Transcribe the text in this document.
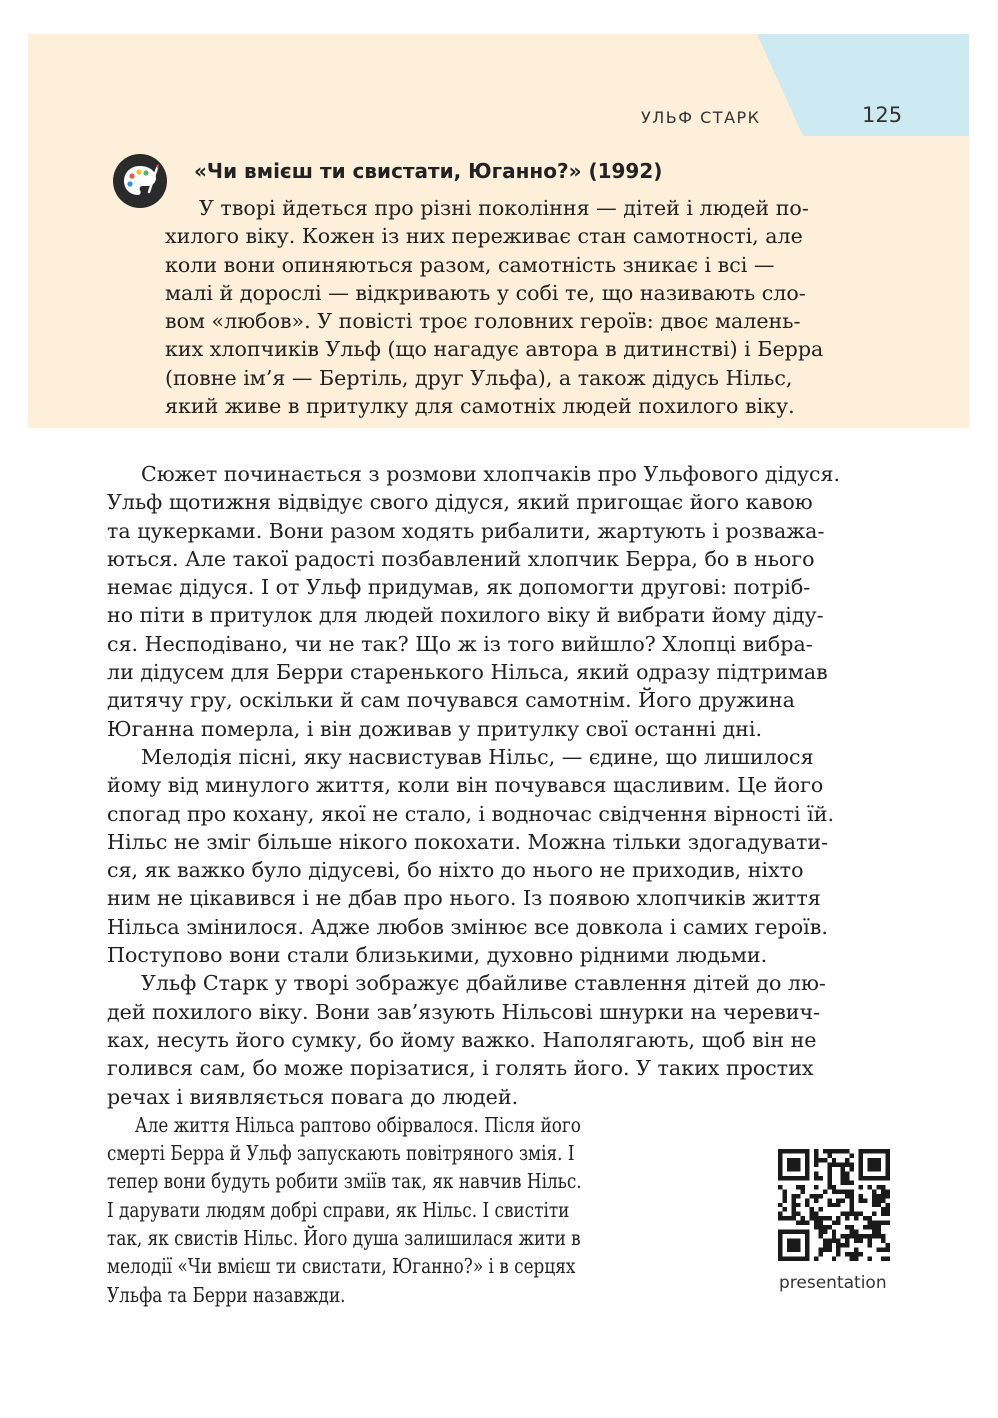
УЛЬФ СТАРК	125
«Чи вмієш ти свистати, Юганно?» (1992)
У творі йдеться про різні покоління — дітей і людей по-
хилого віку. Кожен із них переживає стан самотності, але
коли вони опиняються разом, самотність зникає і всі —
малі й дорослі — відкривають у собі те, що називають сло-
вом «любов». У повісті троє головних героїв: двоє малень-
ких хлопчиків Ульф (що нагадує автора в дитинстві) і Берра
(повне ім’я — Бертіль, друг Ульфа), а також дідусь Нільс,
який живе в притулку для самотніх людей похилого віку.
Сюжет починається з розмови хлопчаків про Ульфового дідуся.
Ульф щотижня відвідує свого дідуся, який пригощає його кавою
та цукерками. Вони разом ходять рибалити, жартують і розважа-
ються. Але такої радості позбавлений хлопчик Берра, бо в нього
немає дідуся. І от Ульф придумав, як допомогти другові: потріб-
но піти в притулок для людей похилого віку й вибрати йому діду-
ся. Несподівано, чи не так? Що ж із того вийшло? Хлопці вибра-
ли дідусем для Берри старенького Нільса, який одразу підтримав
дитячу гру, оскільки й сам почувався самотнім. Його дружина
Юганна померла, і він доживав у притулку свої останні дні.
Мелодія пісні, яку насвистував Нільс, — єдине, що лишилося
йому від минулого життя, коли він почувався щасливим. Це його
спогад про кохану, якої не стало, і водночас свідчення вірності їй.
Нільс не зміг більше нікого покохати. Можна тільки здогадувати-
ся, як важко було дідусеві, бо ніхто до нього не приходив, ніхто
ним не цікавився і не дбав про нього. Із появою хлопчиків життя
Нільса змінилося. Адже любов змінює все довкола і самих героїв.
Поступово вони стали близькими, духовно рідними людьми.
Ульф Старк у творі зображує дбайливе ставлення дітей до лю-
дей похилого віку. Вони зав’язують Нільсові шнурки на черевич-
ках, несуть його сумку, бо йому важко. Наполягають, щоб він не
голився сам, бо може порізатися, і голять його. У таких простих
речах і виявляється повага до людей.
Але життя Нільса раптово обірвалося. Після його
смерті Берра й Ульф запускають повітряного змія. І
тепер вони будуть робити зміїв так, як навчив Нільс.
І дарувати людям добрі справи, як Нільс. І свистіти
так, як свистів Нільс. Його душа залишилася жити в
мелодії «Чи вмієш ти свистати, Юганно?» і в серцях
Ульфа та Берри назавжди.	presentation
